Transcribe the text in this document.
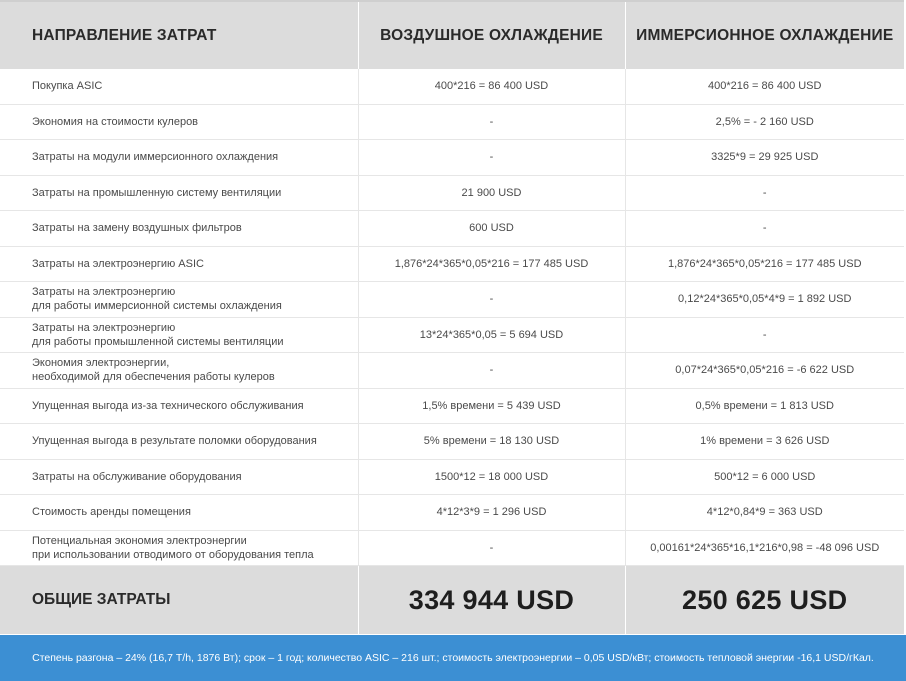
НАПРАВЛЕНИЕ ЗАТРАТ	ВОЗДУШНОЕ ОХЛАЖДЕНИЕ	ИММЕРСИОННОЕ ОХЛАЖДЕНИЕ

Покупка ASIC	400*216 = 86 400 USD	400*216 = 86 400 USD

Экономия на стоимости кулеров	-	2,5% = - 2 160 USD

Затраты на модули иммерсионного охлаждения	-	3325*9 = 29 925 USD

Затраты на промышленную систему вентиляции	21 900 USD	-

Затраты на замену воздушных фильтров	600 USD	-

Затраты на электроэнергию ASIC	1,876*24*365*0,05*216 = 177 485 USD	1,876*24*365*0,05*216 = 177 485 USD

Затраты на электроэнергию
для работы иммерсионной системы охлаждения	-	0,12*24*365*0,05*4*9 = 1 892 USD

Затраты на электроэнергию
для работы промышленной системы вентиляции	13*24*365*0,05 = 5 694 USD	-

Экономия электроэнергии,
необходимой для обеспечения работы кулеров	-	0,07*24*365*0,05*216 = -6 622 USD

Упущенная выгода из-за технического обслуживания	1,5% времени = 5 439 USD	0,5% времени = 1 813 USD

Упущенная выгода в результате поломки оборудования	5% времени = 18 130 USD	1% времени = 3 626 USD

Затраты на обслуживание оборудования	1500*12 = 18 000 USD	500*12 = 6 000 USD

Стоимость аренды помещения	4*12*3*9 = 1 296 USD	4*12*0,84*9 = 363 USD

Потенциальная экономия электроэнергии
при использовании отводимого от оборудования тепла	-	0,00161*24*365*16,1*216*0,98 = -48 096 USD
ОБЩИЕ ЗАТРАТЫ	334 944 USD	250 625 USD
Степень разгона – 24% (16,7 Т/h, 1876 Вт); срок – 1 год; количество ASIC – 216 шт.; стоимость электроэнергии – 0,05 USD/кВт; стоимость тепловой энергии -16,1 USD/гКал.
